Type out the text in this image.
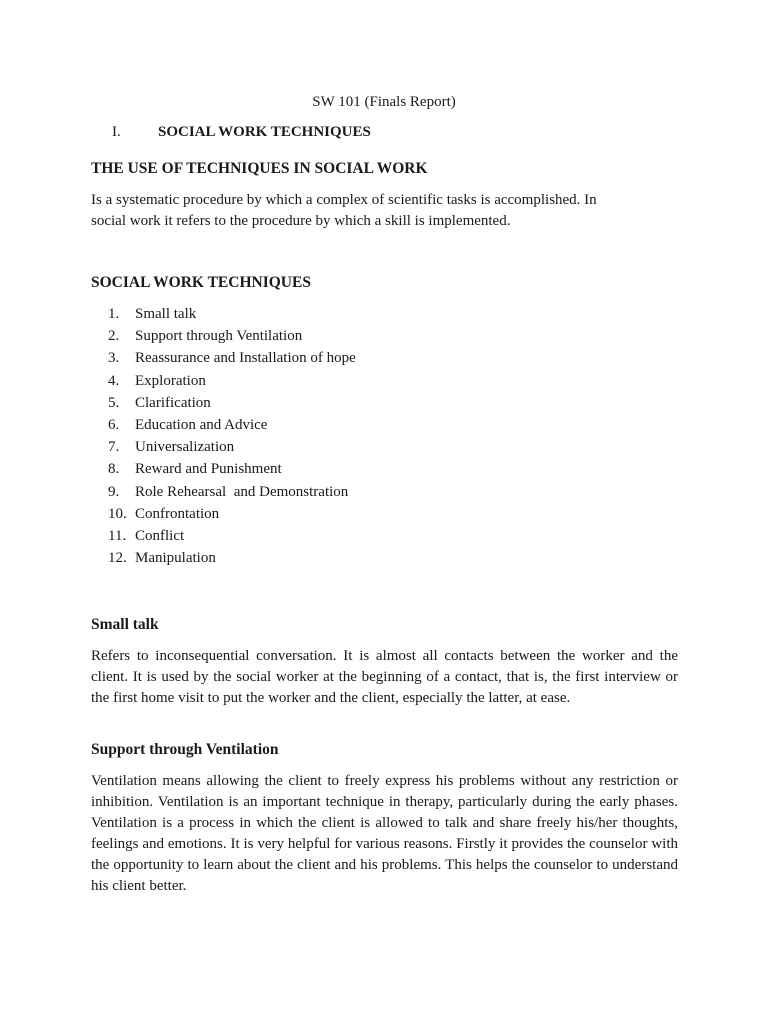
SW 101 (Finals Report)
I.	SOCIAL WORK TECHNIQUES
THE USE OF TECHNIQUES IN SOCIAL WORK
Is a systematic procedure by which a complex of scientific tasks is accomplished. In
social work it refers to the procedure by which a skill is implemented.
SOCIAL WORK TECHNIQUES
1.	Small talk
2.	Support through Ventilation
3.	Reassurance and Installation of hope
4.	Exploration
5.	Clarification
6.	Education and Advice
7.	Universalization
8.	Reward and Punishment
9.	Role Rehearsal  and Demonstration
10. Confrontation
11. Conflict
12. Manipulation
Small talk

Refers to inconsequential conversation. It is almost all contacts between the worker and the client. It is used by the social worker at the beginning of a contact, that is, the first interview or the first home visit to put the worker and the client, especially the latter, at ease.

Support through Ventilation

Ventilation means allowing the client to freely express his problems without any restriction or inhibition. Ventilation is an important technique in therapy, particularly during the early phases. Ventilation is a process in which the client is allowed to talk and share freely his/her thoughts, feelings and emotions. It is very helpful for various reasons. Firstly it provides the counselor with the opportunity to learn about the client and his problems. This helps the counselor to understand his client better.
